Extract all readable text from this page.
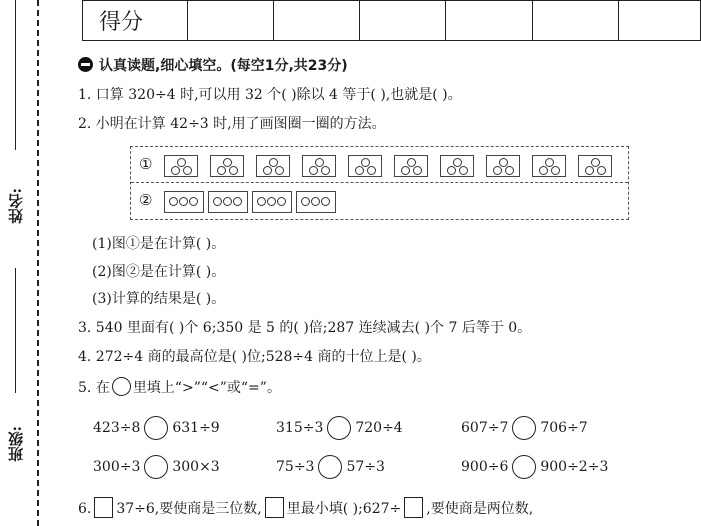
姓名:
班级:
得分						
认真读题,细心填空。(每空1分,共23分)
1. 口算 320÷4 时,可以用 32 个( )除以 4 等于( ),也就是( )。
2. 小明在计算 42÷3 时,用了画图圈一圈的方法。
①
②
(1)图①是在计算( )。
(2)图②是在计算( )。
(3)计算的结果是( )。
3. 540 里面有( )个 6;350 是 5 的( )倍;287 连续减去( )个 7 后等于 0。
4. 272÷4 商的最高位是( )位;528÷4 商的十位上是( )。
5. 在 里填上“>”“<”或“=”。
423÷8 631÷9	315÷3 720÷4	607÷7 706÷7
300÷3 300×3	75÷3 57÷3	900÷6 900÷2÷3
6. 37÷6,要使商是三位数, 里最小填( );627÷ ,要使商是两位数,
